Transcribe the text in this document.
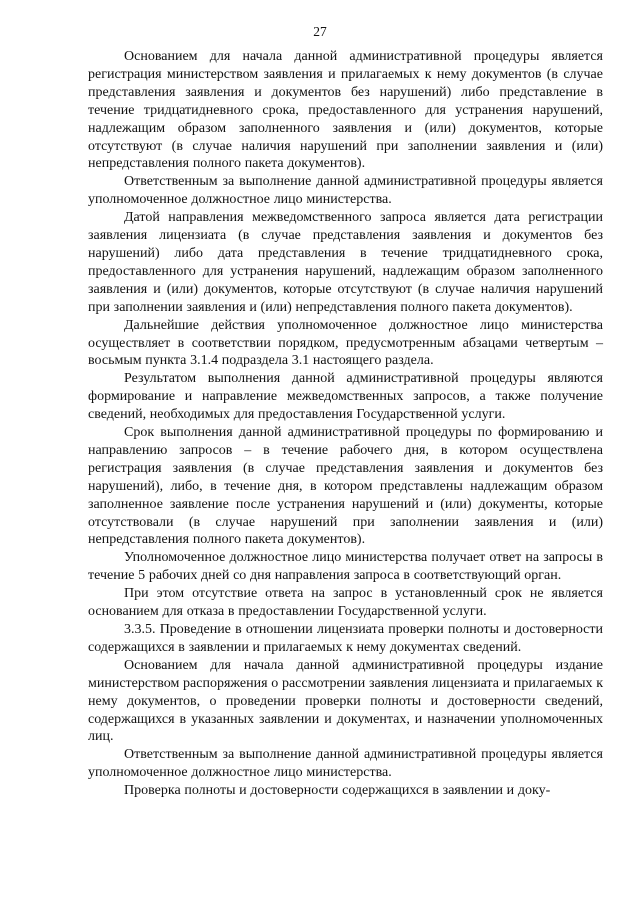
27

Основанием для начала данной административной процедуры является регистрация министерством заявления и прилагаемых к нему документов (в случае представления заявления и документов без нарушений) либо представление в течение тридцатидневного срока, предоставленного для устранения нарушений, надлежащим образом заполненного заявления и (или) документов, которые отсутствуют (в случае наличия нарушений при заполнении заявления и (или) непредставления полного пакета документов).

Ответственным за выполнение данной административной процедуры является уполномоченное должностное лицо министерства.

Датой направления межведомственного запроса является дата регистрации заявления лицензиата (в случае представления заявления и документов без нарушений) либо дата представления в течение тридцатидневного срока, предоставленного для устранения нарушений, надлежащим образом заполненного заявления и (или) документов, которые отсутствуют (в случае наличия нарушений при заполнении заявления и (или) непредставления полного пакета документов).

Дальнейшие действия уполномоченное должностное лицо министерства осуществляет в соответствии порядком, предусмотренным абзацами четвертым – восьмым пункта 3.1.4 подраздела 3.1 настоящего раздела.

Результатом выполнения данной административной процедуры являются формирование и направление межведомственных запросов, а также получение сведений, необходимых для предоставления Государственной услуги.

Срок выполнения данной административной процедуры по формированию и направлению запросов – в течение рабочего дня, в котором осуществлена регистрация заявления (в случае представления заявления и документов без нарушений), либо, в течение дня, в котором представлены надлежащим образом заполненное заявление после устранения нарушений и (или) документы, которые отсутствовали (в случае нарушений при заполнении заявления и (или) непредставления полного пакета документов).

Уполномоченное должностное лицо министерства получает ответ на запросы в течение 5 рабочих дней со дня направления запроса в соответствующий орган.

При этом отсутствие ответа на запрос в установленный срок не является основанием для отказа в предоставлении Государственной услуги.

3.3.5. Проведение в отношении лицензиата проверки полноты и достоверности содержащихся в заявлении и прилагаемых к нему документах сведений.

Основанием для начала данной административной процедуры издание министерством распоряжения о рассмотрении заявления лицензиата и прилагаемых к нему документов, о проведении проверки полноты и достоверности сведений, содержащихся в указанных заявлении и документах, и назначении уполномоченных лиц.

Ответственным за выполнение данной административной процедуры является уполномоченное должностное лицо министерства.

Проверка полноты и достоверности содержащихся в заявлении и доку-
